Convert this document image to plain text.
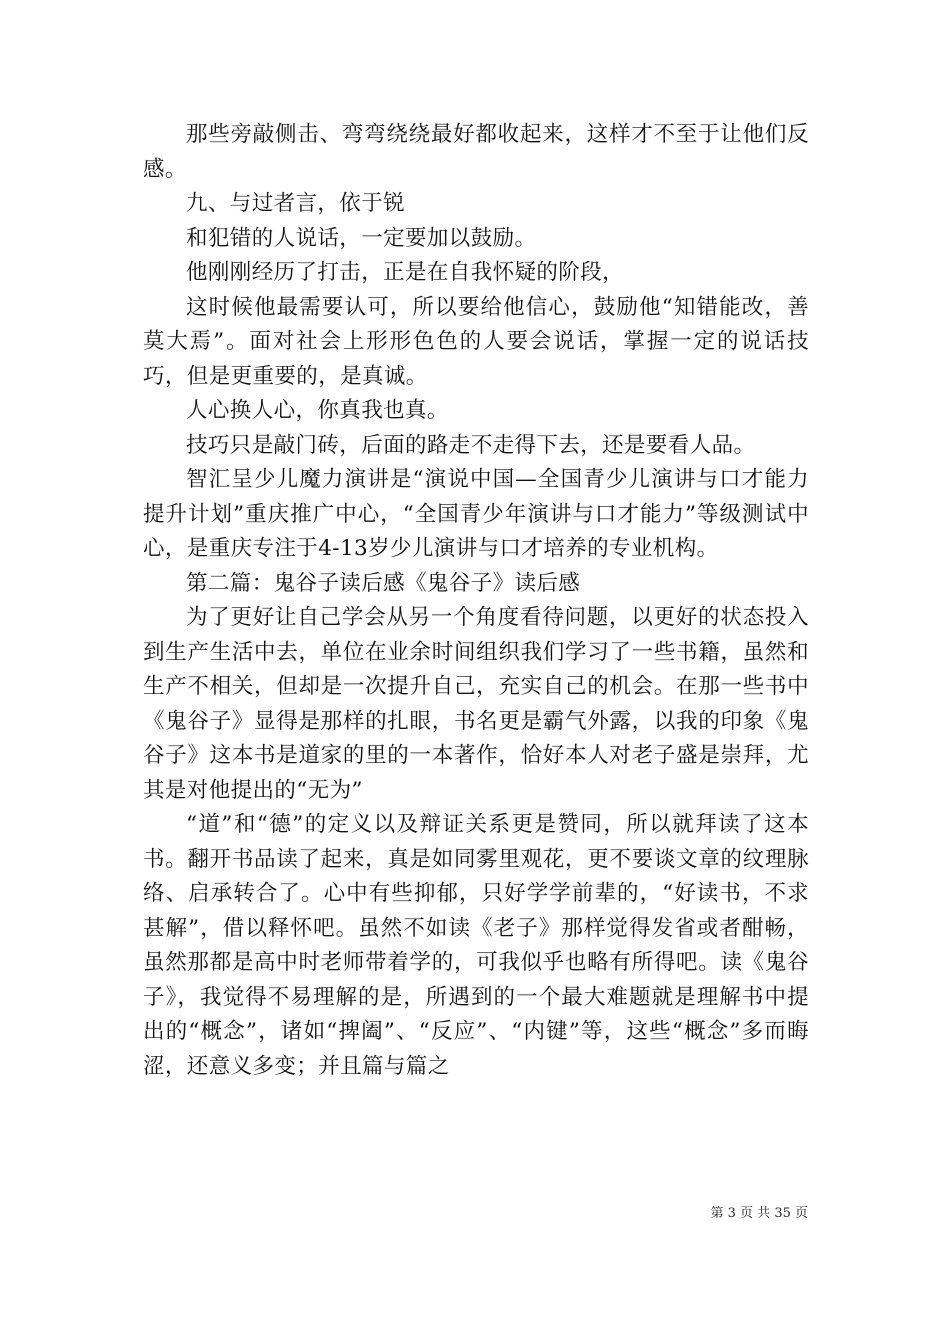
那些旁敲侧击、弯弯绕绕最好都收起来，这样才不至于让他们反感。

九、与过者言，依于锐

和犯错的人说话，一定要加以鼓励。

他刚刚经历了打击，正是在自我怀疑的阶段，

这时候他最需要认可，所以要给他信心，鼓励他“知错能改，善莫大焉”。面对社会上形形色色的人要会说话，掌握一定的说话技巧，但是更重要的，是真诚。

人心换人心，你真我也真。

技巧只是敲门砖，后面的路走不走得下去，还是要看人品。

智汇呈少儿魔力演讲是“演说中国—全国青少儿演讲与口才能力提升计划”重庆推广中心，“全国青少年演讲与口才能力”等级测试中心，是重庆专注于4-13岁少儿演讲与口才培养的专业机构。

第二篇：鬼谷子读后感《鬼谷子》读后感

为了更好让自己学会从另一个角度看待问题，以更好的状态投入到生产生活中去，单位在业余时间组织我们学习了一些书籍，虽然和生产不相关，但却是一次提升自己，充实自己的机会。在那一些书中《鬼谷子》显得是那样的扎眼，书名更是霸气外露，以我的印象《鬼谷子》这本书是道家的里的一本著作，恰好本人对老子盛是崇拜，尤其是对他提出的“无为”

“道”和“德”的定义以及辩证关系更是赞同，所以就拜读了这本书。翻开书品读了起来，真是如同雾里观花，更不要谈文章的纹理脉络、启承转合了。心中有些抑郁，只好学学前辈的，“好读书，不求甚解”，借以释怀吧。虽然不如读《老子》那样觉得发省或者酣畅，虽然那都是高中时老师带着学的，可我似乎也略有所得吧。读《鬼谷子》，我觉得不易理解的是，所遇到的一个最大难题就是理解书中提出的“概念”，诸如“捭阖”、“反应”、“内键”等，这些“概念”多而晦涩，还意义多变；并且篇与篇之

第 3 页 共 35 页
